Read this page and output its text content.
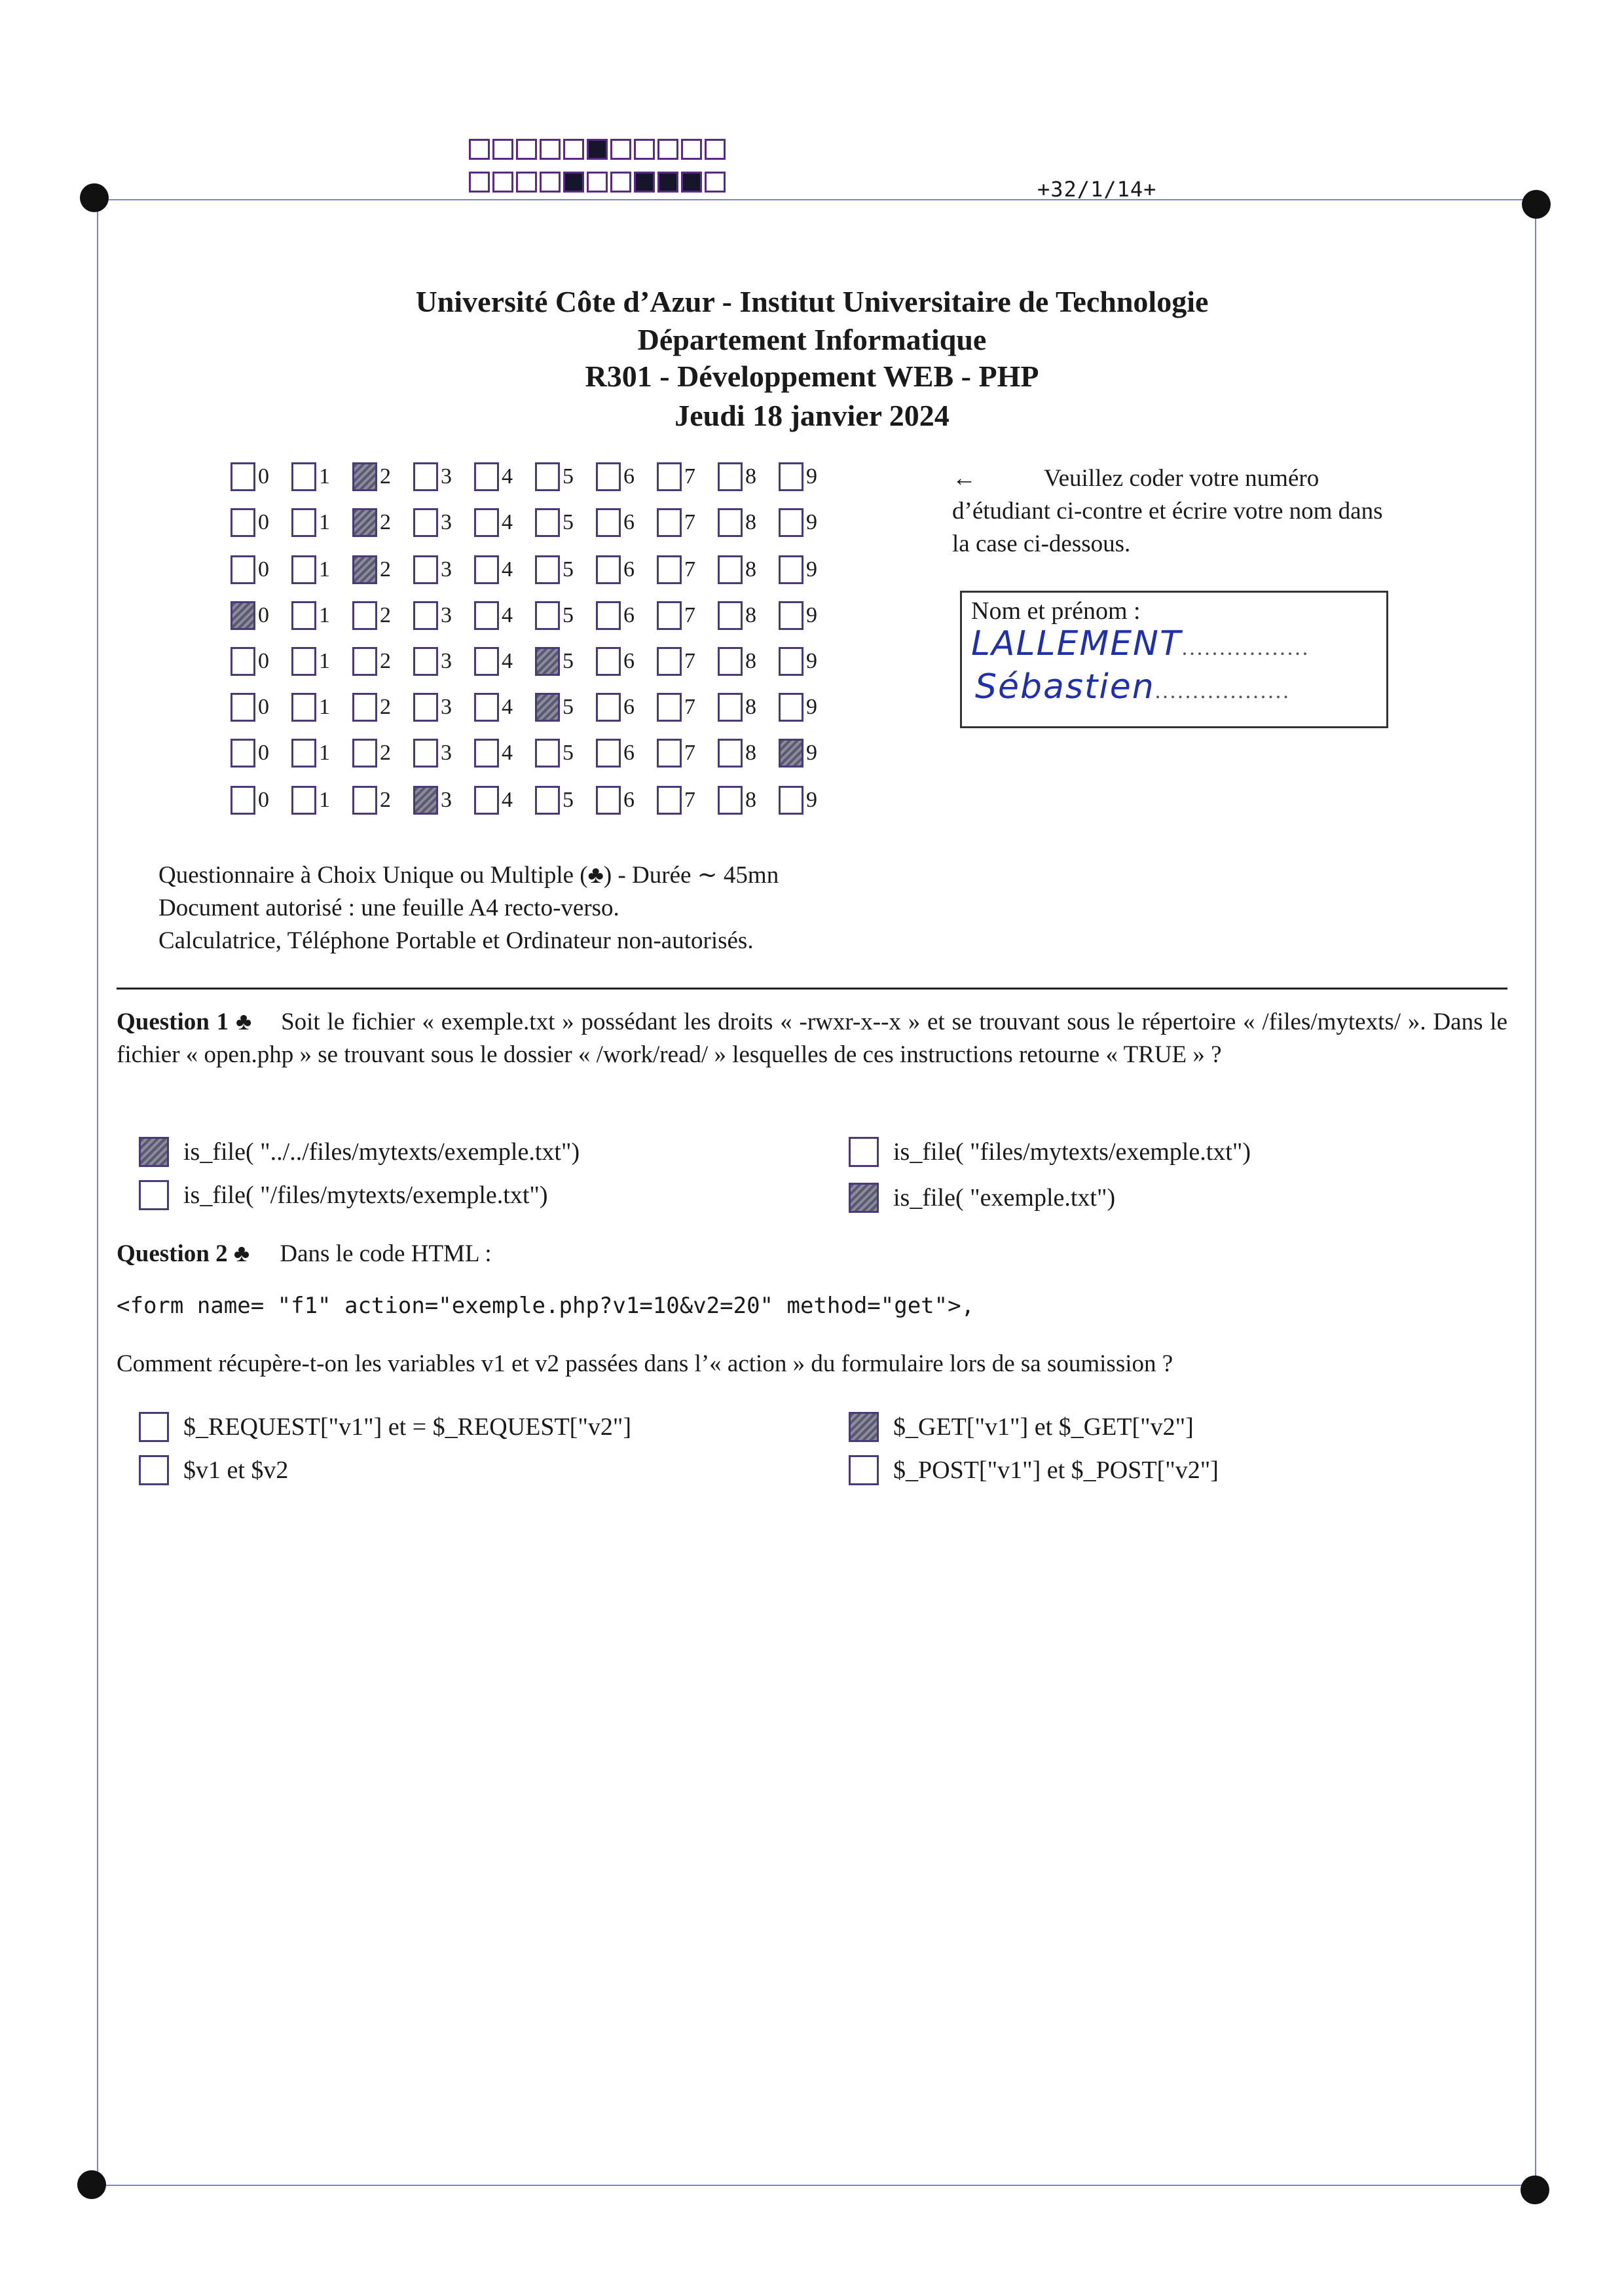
+32/1/14+
Université Côte d’Azur - Institut Universitaire de Technologie
Département Informatique
R301 - Développement WEB - PHP
Jeudi 18 janvier 2024
0 1 2 3 4 5 6 7 8 9
0 1 2 3 4 5 6 7 8 9
0 1 2 3 4 5 6 7 8 9
0 1 2 3 4 5 6 7 8 9
0 1 2 3 4 5 6 7 8 9
0 1 2 3 4 5 6 7 8 9
0 1 2 3 4 5 6 7 8 9
0 1 2 3 4 5 6 7 8 9
←	Veuillez coder votre numéro d’étudiant ci-contre et écrire votre nom dans la case ci-dessous.
Nom et prénom :
LALLEMENT.................
Sébastien..................
Questionnaire à Choix Unique ou Multiple (♣) - Durée ∼ 45mn
Document autorisé : une feuille A4 recto-verso.
Calculatrice, Téléphone Portable et Ordinateur non-autorisés.
Question 1 ♣ Soit le fichier « exemple.txt » possédant les droits « -rwxr-x--x » et se trouvant sous le répertoire « /files/mytexts/ ». Dans le fichier « open.php » se trouvant sous le dossier « /work/read/ » lesquelles de ces instructions retourne « TRUE » ?
is_file( "../../files/mytexts/exemple.txt")
is_file( "/files/mytexts/exemple.txt")
is_file( "files/mytexts/exemple.txt")
is_file( "exemple.txt")
Question 2 ♣ Dans le code HTML :
<form name= "f1" action="exemple.php?v1=10&v2=20" method="get">,
Comment récupère-t-on les variables v1 et v2 passées dans l’« action » du formulaire lors de sa soumission ?
$_REQUEST["v1"] et = $_REQUEST["v2"]
$v1 et $v2
$_GET["v1"] et $_GET["v2"]
$_POST["v1"] et $_POST["v2"]
